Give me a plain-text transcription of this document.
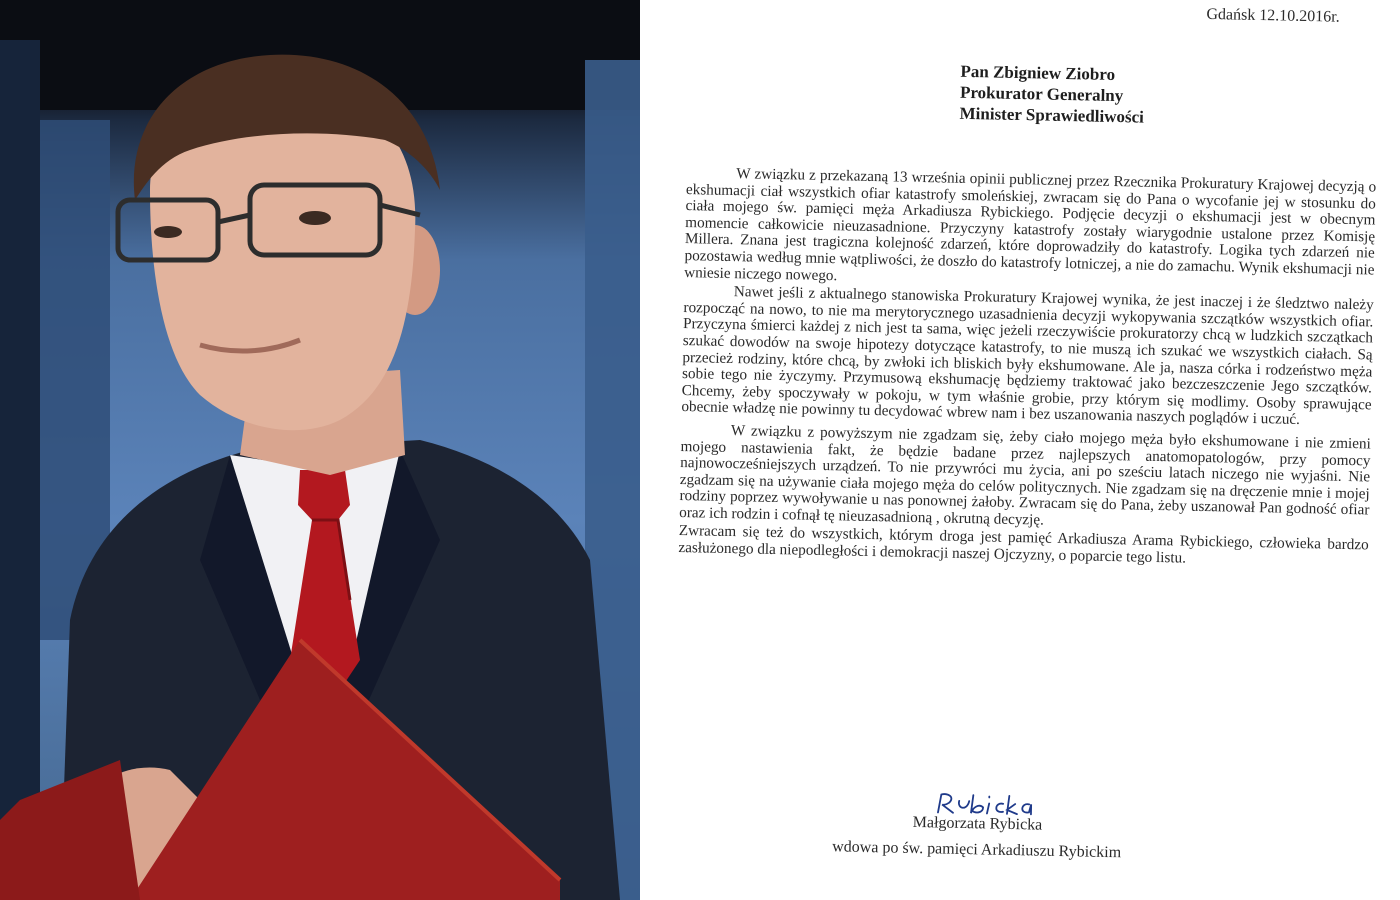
Gdańsk 12.10.2016r.
Pan Zbigniew Ziobro
Prokurator Generalny
Minister Sprawiedliwości

W związku z przekazaną 13 września opinii publicznej przez Rzecznika Prokuratury Krajowej decyzją o ekshumacji ciał wszystkich ofiar katastrofy smoleńskiej, zwracam się do Pana o wycofanie jej w stosunku do ciała mojego św. pamięci męża Arkadiusza Rybickiego. Podjęcie decyzji o ekshumacji jest w obecnym momencie całkowicie nieuzasadnione. Przyczyny katastrofy zostały wiarygodnie ustalone przez Komisję Millera. Znana jest tragiczna kolejność zdarzeń, które doprowadziły do katastrofy. Logika tych zdarzeń nie pozostawia według mnie wątpliwości, że doszło do katastrofy lotniczej, a nie do zamachu. Wynik ekshumacji nie wniesie niczego nowego.

Nawet jeśli z aktualnego stanowiska Prokuratury Krajowej wynika, że jest inaczej i że śledztwo należy rozpocząć na nowo, to nie ma merytorycznego uzasadnienia decyzji wykopywania szczątków wszystkich ofiar. Przyczyna śmierci każdej z nich jest ta sama, więc jeżeli rzeczywiście prokuratorzy chcą w ludzkich szczątkach szukać dowodów na swoje hipotezy dotyczące katastrofy, to nie muszą ich szukać we wszystkich ciałach. Są przecież rodziny, które chcą, by zwłoki ich bliskich były ekshumowane. Ale ja, nasza córka i rodzeństwo męża sobie tego nie życzymy. Przymusową ekshumację będziemy traktować jako bezczeszczenie Jego szczątków. Chcemy, żeby spoczywały w pokoju, w tym właśnie grobie, przy którym się modlimy. Osoby sprawujące obecnie władzę nie powinny tu decydować wbrew nam i bez uszanowania naszych poglądów i uczuć.

W związku z powyższym nie zgadzam się, żeby ciało mojego męża było ekshumowane i nie zmieni mojego nastawienia fakt, że będzie badane przez najlepszych anatomopatologów, przy pomocy najnowocześniejszych urządzeń. To nie przywróci mu życia, ani po sześciu latach niczego nie wyjaśni. Nie zgadzam się na używanie ciała mojego męża do celów politycznych. Nie zgadzam się na dręczenie mnie i mojej rodziny poprzez wywoływanie u nas ponownej żałoby. Zwracam się do Pana, żeby uszanował Pan godność ofiar oraz ich rodzin i cofnął tę nieuzasadnioną , okrutną decyzję.

Zwracam się też do wszystkich, którym droga jest pamięć Arkadiusza Arama Rybickiego, człowieka bardzo zasłużonego dla niepodległości i demokracji naszej Ojczyzny, o poparcie tego listu.

Małgorzata Rybicka
wdowa po św. pamięci Arkadiuszu Rybickim
